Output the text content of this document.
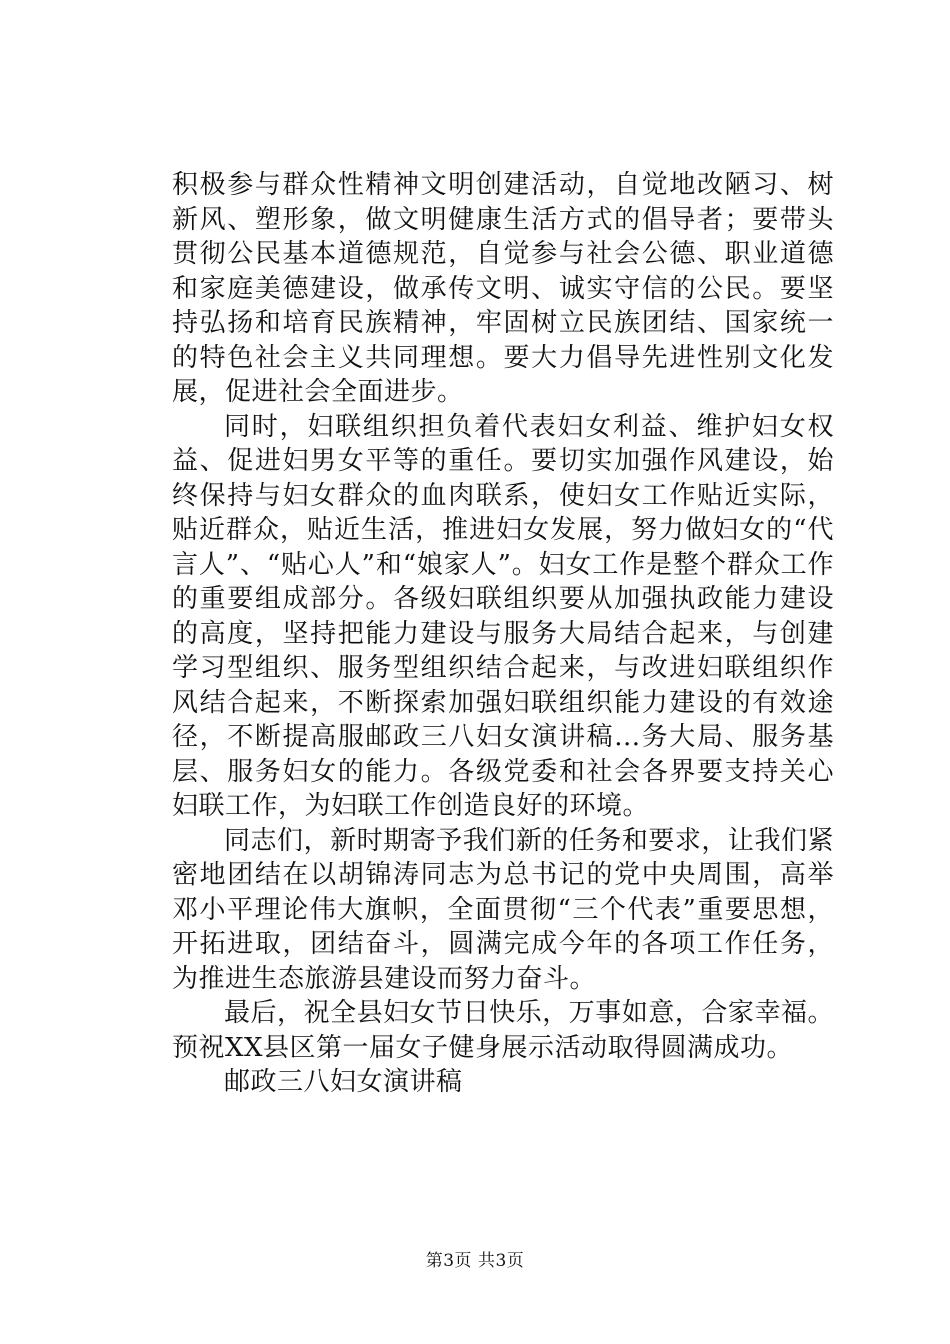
积极参与群众性精神文明创建活动，自觉地改陋习、树新风、塑形象，做文明健康生活方式的倡导者；要带头贯彻公民基本道德规范，自觉参与社会公德、职业道德和家庭美德建设，做承传文明、诚实守信的公民。要坚持弘扬和培育民族精神，牢固树立民族团结、国家统一的特色社会主义共同理想。要大力倡导先进性别文化发展，促进社会全面进步。

同时，妇联组织担负着代表妇女利益、维护妇女权益、促进妇男女平等的重任。要切实加强作风建设，始终保持与妇女群众的血肉联系，使妇女工作贴近实际，贴近群众，贴近生活，推进妇女发展，努力做妇女的“代言人”、“贴心人”和“娘家人”。妇女工作是整个群众工作的重要组成部分。各级妇联组织要从加强执政能力建设的高度，坚持把能力建设与服务大局结合起来，与创建学习型组织、服务型组织结合起来，与改进妇联组织作风结合起来，不断探索加强妇联组织能力建设的有效途径，不断提高服邮政三八妇女演讲稿...务大局、服务基层、服务妇女的能力。各级党委和社会各界要支持关心妇联工作，为妇联工作创造良好的环境。

同志们，新时期寄予我们新的任务和要求，让我们紧密地团结在以胡锦涛同志为总书记的党中央周围，高举邓小平理论伟大旗帜，全面贯彻“三个代表”重要思想，开拓进取，团结奋斗，圆满完成今年的各项工作任务，为推进生态旅游县建设而努力奋斗。

最后，祝全县妇女节日快乐，万事如意，合家幸福。预祝XX县区第一届女子健身展示活动取得圆满成功。

邮政三八妇女演讲稿

第3页 共3页
